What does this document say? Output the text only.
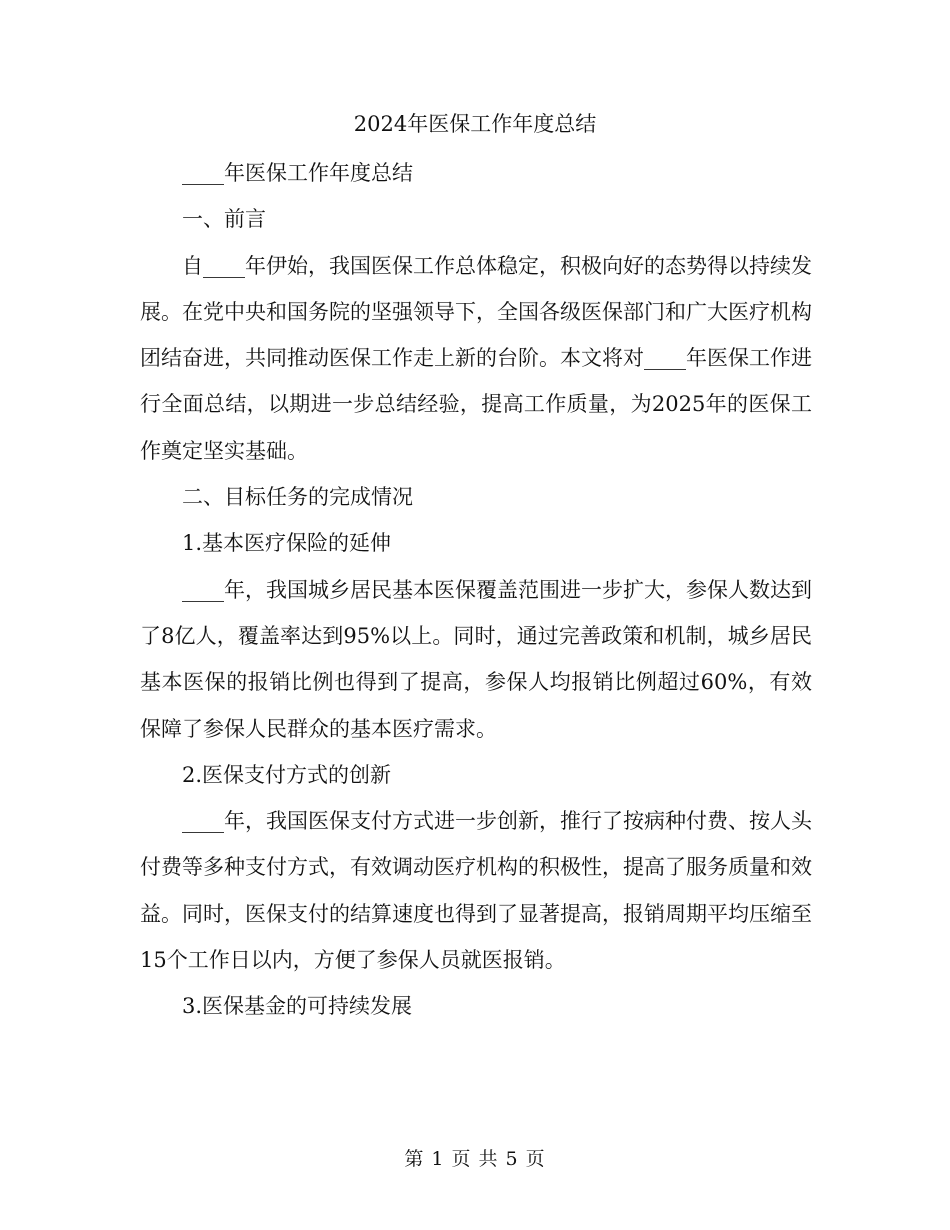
2024年医保工作年度总结

____年医保工作年度总结

一、前言

自____年伊始，我国医保工作总体稳定，积极向好的态势得以持续发展。在党中央和国务院的坚强领导下，全国各级医保部门和广大医疗机构团结奋进，共同推动医保工作走上新的台阶。本文将对____年医保工作进行全面总结，以期进一步总结经验，提高工作质量，为2025年的医保工作奠定坚实基础。

二、目标任务的完成情况

1.基本医疗保险的延伸

____年，我国城乡居民基本医保覆盖范围进一步扩大，参保人数达到了8亿人，覆盖率达到95%以上。同时，通过完善政策和机制，城乡居民基本医保的报销比例也得到了提高，参保人均报销比例超过60%，有效保障了参保人民群众的基本医疗需求。

2.医保支付方式的创新

____年，我国医保支付方式进一步创新，推行了按病种付费、按人头付费等多种支付方式，有效调动医疗机构的积极性，提高了服务质量和效益。同时，医保支付的结算速度也得到了显著提高，报销周期平均压缩至15个工作日以内，方便了参保人员就医报销。

3.医保基金的可持续发展

第 1 页 共 5 页
